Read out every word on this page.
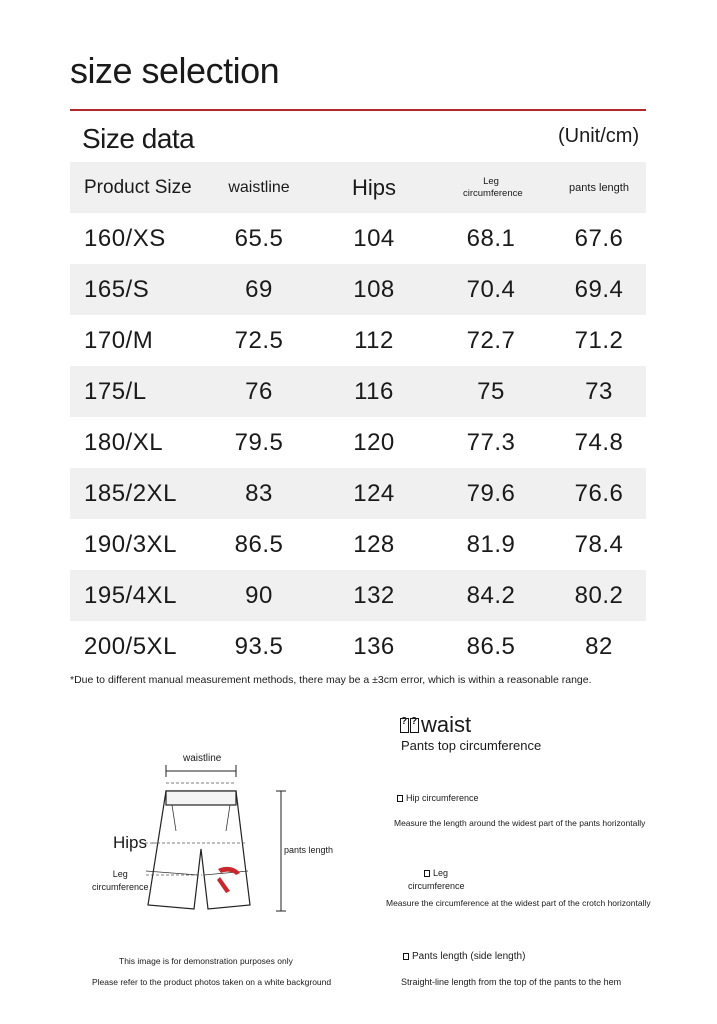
size selection
Size data	(Unit/cm)
Product Size	waistline	Hips	Leg circumference	pants length
160/XS	65.5	104	68.1	67.6
165/S	69	108	70.4	69.4
170/M	72.5	112	72.7	71.2
175/L	76	116	75	73
180/XL	79.5	120	77.3	74.8
185/2XL	83	124	79.6	76.6
190/3XL	86.5	128	81.9	78.4
195/4XL	90	132	84.2	80.2
200/5XL	93.5	136	86.5	82
*Due to different manual measurement methods, there may be a ±3cm error, which is within a reasonable range.
waistline
Hips
Leg
circumference
pants length
?
?
waist
Pants top circumference
Hip circumference
Measure the length around the widest part of the pants horizontally
Leg
circumference
Measure the circumference at the widest part of the crotch horizontally
Pants length (side length)
Straight-line length from the top of the pants to the hem
This image is for demonstration purposes only
Please refer to the product photos taken on a white background
